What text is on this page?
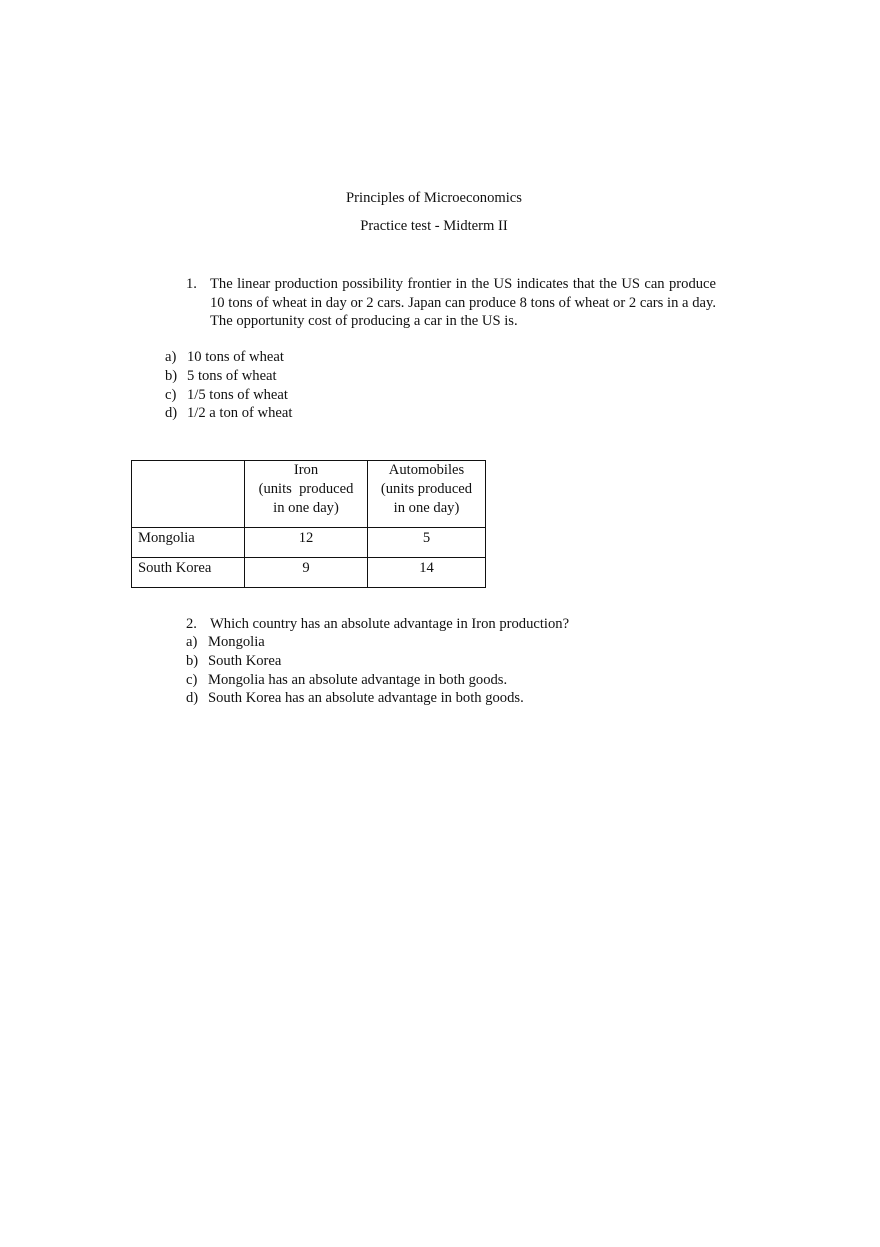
Principles of Microeconomics
Practice test - Midterm II
1. The linear production possibility frontier in the US indicates that the US can produce 10 tons of wheat in day or 2 cars. Japan can produce 8 tons of wheat or 2 cars in a day. The opportunity cost of producing a car in the US is.
a) 10 tons of wheat
b) 5 tons of wheat
c) 1/5 tons of wheat
d) 1/2 a ton of wheat

	Iron
(units  produced
in one day)	Automobiles
(units produced
in one day)

Mongolia	12	5
South Korea	9	14
2. Which country has an absolute advantage in Iron production?
a) Mongolia
b) South Korea
c) Mongolia has an absolute advantage in both goods.
d) South Korea has an absolute advantage in both goods.
